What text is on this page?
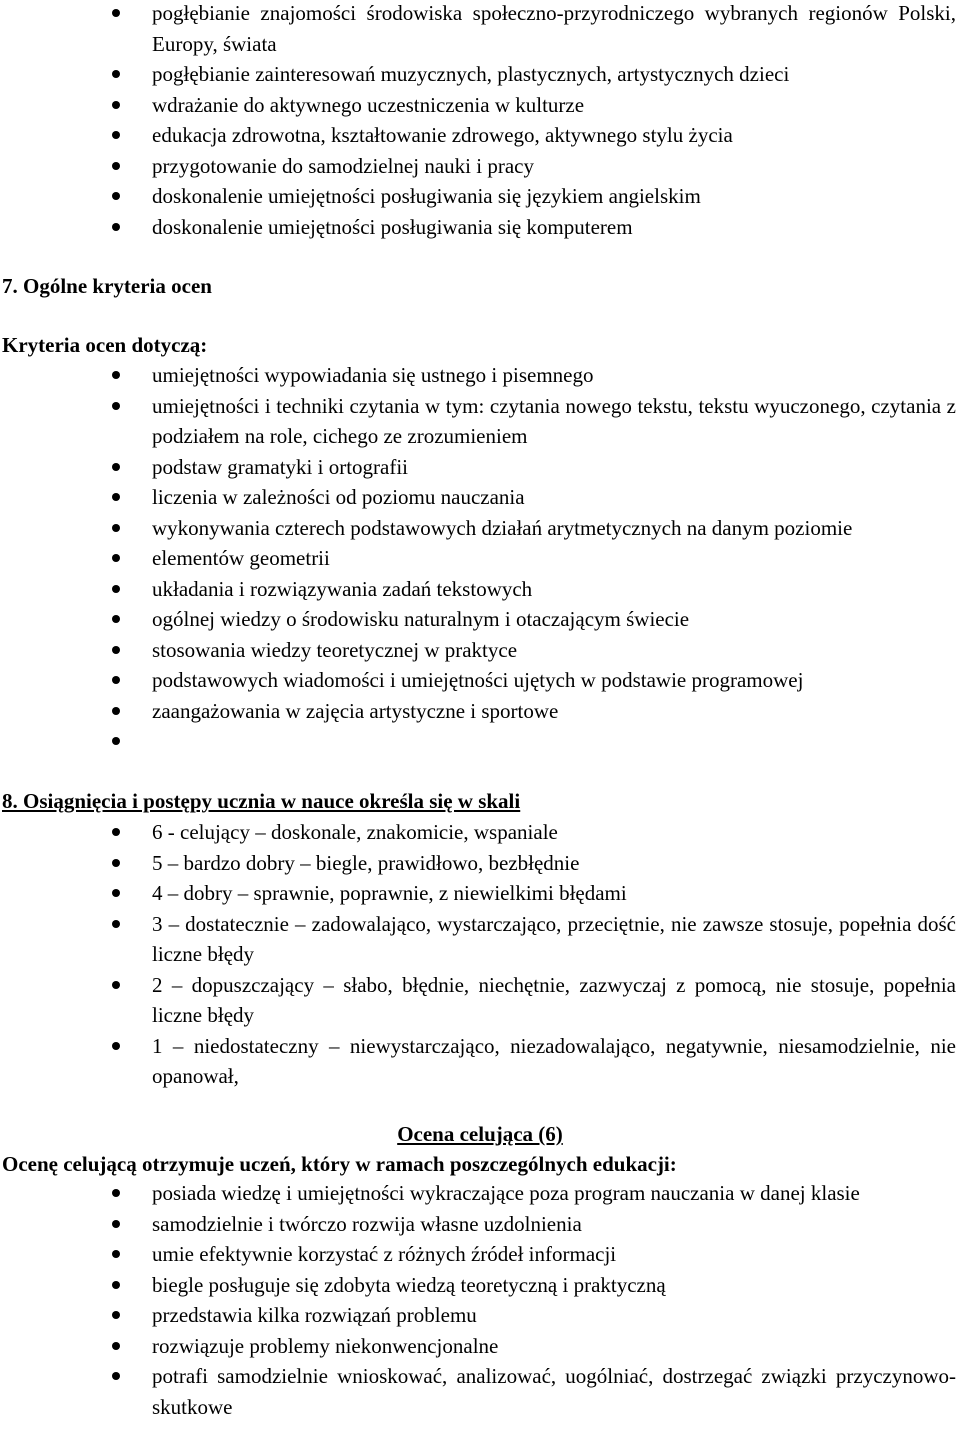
pogłębianie znajomości środowiska społeczno-przyrodniczego wybranych regionów Polski, Europy, świata
pogłębianie zainteresowań muzycznych, plastycznych, artystycznych dzieci
wdrażanie do aktywnego uczestniczenia w kulturze
edukacja zdrowotna, kształtowanie zdrowego, aktywnego stylu życia
przygotowanie do samodzielnej nauki i pracy
doskonalenie umiejętności posługiwania się językiem angielskim
doskonalenie umiejętności posługiwania się komputerem

7. Ogólne kryteria ocen

Kryteria ocen dotyczą:

umiejętności wypowiadania się ustnego i pisemnego
umiejętności i techniki czytania w tym: czytania nowego tekstu, tekstu wyuczonego, czytania z podziałem na role, cichego ze zrozumieniem
podstaw gramatyki i ortografii
liczenia w zależności od poziomu nauczania
wykonywania czterech podstawowych działań arytmetycznych na danym poziomie
elementów geometrii
układania i rozwiązywania zadań tekstowych
ogólnej wiedzy o środowisku naturalnym i otaczającym świecie
stosowania wiedzy teoretycznej w praktyce
podstawowych wiadomości i umiejętności ujętych w podstawie programowej
zaangażowania w zajęcia artystyczne i sportowe

8. Osiągnięcia i postępy ucznia w nauce określa się w skali

6 - celujący – doskonale, znakomicie, wspaniale
5 – bardzo dobry – biegle, prawidłowo, bezbłędnie
4 – dobry – sprawnie, poprawnie, z niewielkimi błędami
3 – dostatecznie – zadowalająco, wystarczająco, przeciętnie, nie zawsze stosuje, popełnia dość liczne błędy
2 – dopuszczający – słabo, błędnie, niechętnie, zazwyczaj z pomocą, nie stosuje, popełnia liczne błędy
1 – niedostateczny – niewystarczająco, niezadowalająco, negatywnie, niesamodzielnie, nie opanował,

Ocena celująca (6)

Ocenę celującą otrzymuje uczeń, który w ramach poszczególnych edukacji:

posiada wiedzę i umiejętności wykraczające poza program nauczania w danej klasie
samodzielnie i twórczo rozwija własne uzdolnienia
umie efektywnie korzystać z różnych źródeł informacji
biegle posługuje się zdobyta wiedzą teoretyczną i praktyczną
przedstawia kilka rozwiązań problemu
rozwiązuje problemy niekonwencjonalne
potrafi samodzielnie wnioskować, analizować, uogólniać, dostrzegać związki przyczynowo-skutkowe
